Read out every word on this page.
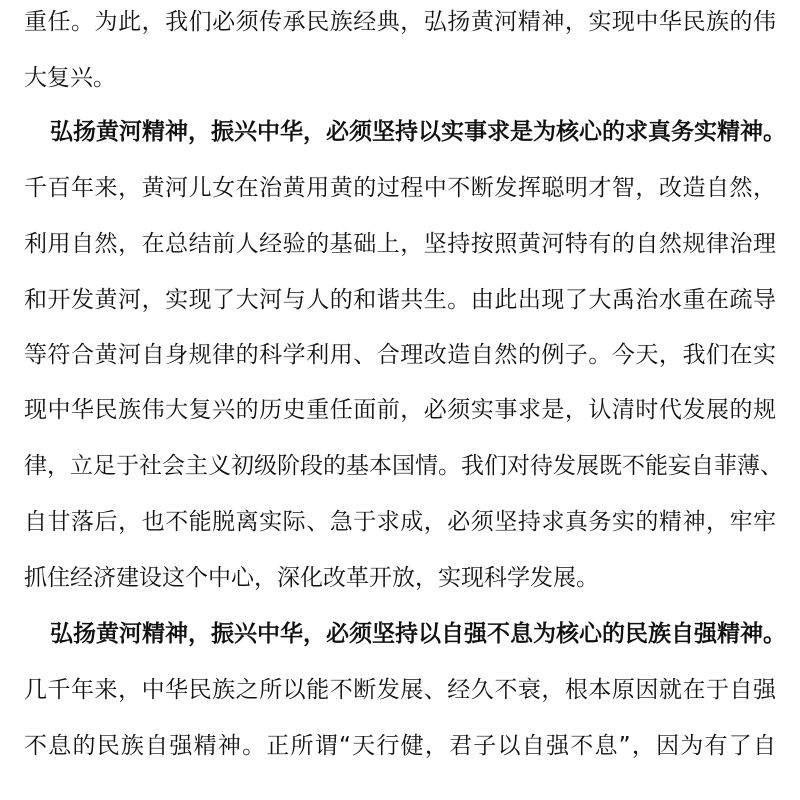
重任。为此，我们必须传承民族经典，弘扬黄河精神，实现中华民族的伟
大复兴。
弘扬黄河精神，振兴中华，必须坚持以实事求是为核心的求真务实精神。
千百年来，黄河儿女在治黄用黄的过程中不断发挥聪明才智，改造自然，
利用自然，在总结前人经验的基础上，坚持按照黄河特有的自然规律治理
和开发黄河，实现了大河与人的和谐共生。由此出现了大禹治水重在疏导
等符合黄河自身规律的科学利用、合理改造自然的例子。今天，我们在实
现中华民族伟大复兴的历史重任面前，必须实事求是，认清时代发展的规
律，立足于社会主义初级阶段的基本国情。我们对待发展既不能妄自菲薄、
自甘落后，也不能脱离实际、急于求成，必须坚持求真务实的精神，牢牢
抓住经济建设这个中心，深化改革开放，实现科学发展。
弘扬黄河精神，振兴中华，必须坚持以自强不息为核心的民族自强精神。
几千年来，中华民族之所以能不断发展、经久不衰，根本原因就在于自强
不息的民族自强精神。正所谓“天行健，君子以自强不息”，因为有了自
